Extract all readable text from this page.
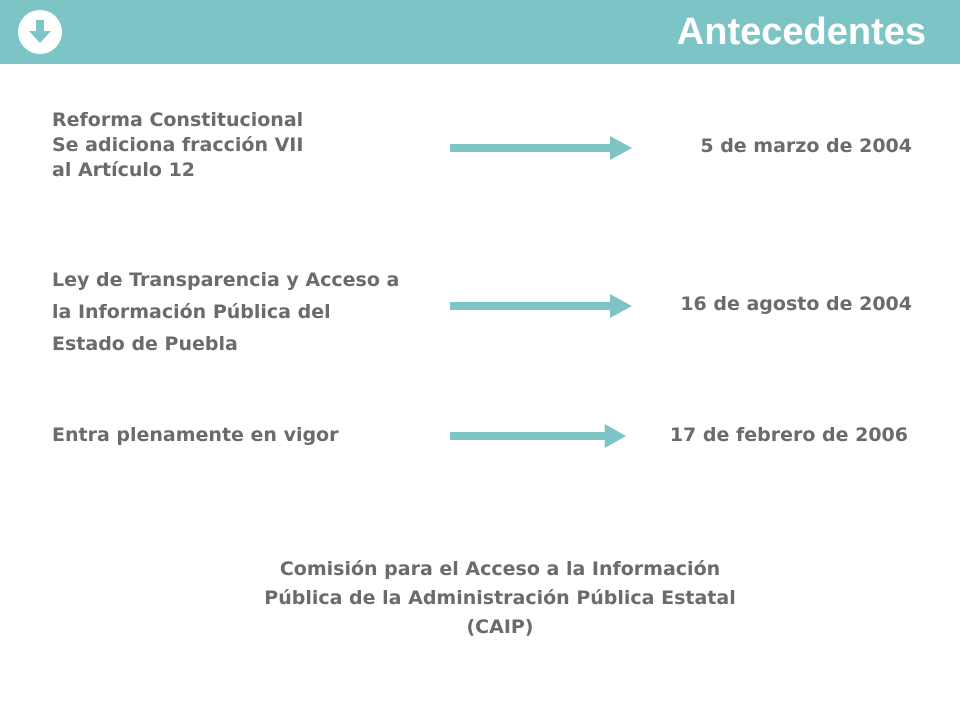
Antecedentes
Reforma Constitucional
Se adiciona fracción VII
al Artículo 12
5 de marzo de 2004
Ley de Transparencia y Acceso a
la Información Pública del
Estado de Puebla
16 de agosto de 2004
Entra plenamente en vigor	17 de febrero de 2006
Comisión para el Acceso a la Información
Pública de la Administración Pública Estatal
(CAIP)
